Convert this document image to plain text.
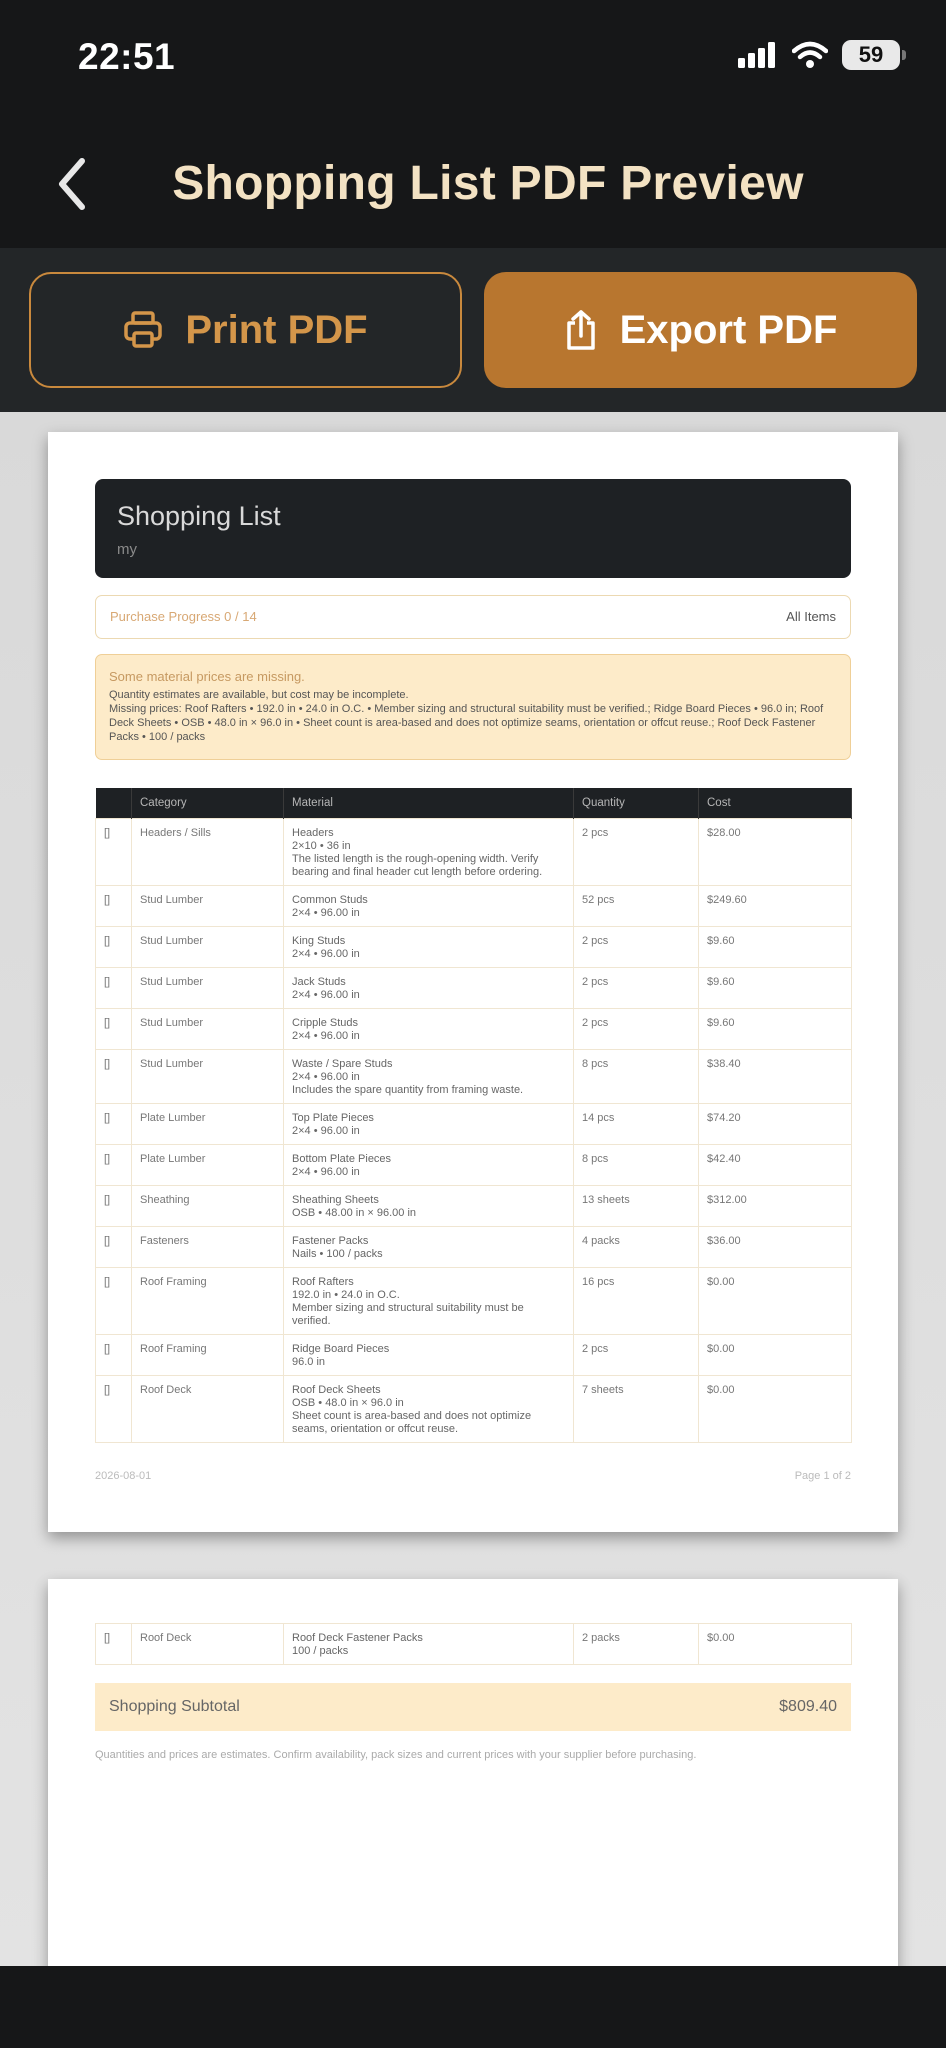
22:51	59
Shopping List PDF Preview
Print PDF	Export PDF
Shopping List
my
Purchase Progress 0 / 14	All Items
Some material prices are missing.
Quantity estimates are available, but cost may be incomplete.
Missing prices: Roof Rafters • 192.0 in • 24.0 in O.C. • Member sizing and structural suitability must be verified.; Ridge Board Pieces • 96.0 in; Roof Deck Sheets • OSB • 48.0 in × 96.0 in • Sheet count is area-based and does not optimize seams, orientation or offcut reuse.; Roof Deck Fastener Packs • 100 / packs
	Category	Material	Quantity	Cost
[]	Headers / Sills	Headers
2×10 • 36 in
The listed length is the rough-opening width. Verify bearing and final header cut length before ordering.	2 pcs	$28.00
[]	Stud Lumber	Common Studs
2×4 • 96.00 in	52 pcs	$249.60
[]	Stud Lumber	King Studs
2×4 • 96.00 in	2 pcs	$9.60
[]	Stud Lumber	Jack Studs
2×4 • 96.00 in	2 pcs	$9.60
[]	Stud Lumber	Cripple Studs
2×4 • 96.00 in	2 pcs	$9.60
[]	Stud Lumber	Waste / Spare Studs
2×4 • 96.00 in
Includes the spare quantity from framing waste.	8 pcs	$38.40
[]	Plate Lumber	Top Plate Pieces
2×4 • 96.00 in	14 pcs	$74.20
[]	Plate Lumber	Bottom Plate Pieces
2×4 • 96.00 in	8 pcs	$42.40
[]	Sheathing	Sheathing Sheets
OSB • 48.00 in × 96.00 in	13 sheets	$312.00
[]	Fasteners	Fastener Packs
Nails • 100 / packs	4 packs	$36.00
[]	Roof Framing	Roof Rafters
192.0 in • 24.0 in O.C.
Member sizing and structural suitability must be verified.	16 pcs	$0.00
[]	Roof Framing	Ridge Board Pieces
96.0 in	2 pcs	$0.00
[]	Roof Deck	Roof Deck Sheets
OSB • 48.0 in × 96.0 in
Sheet count is area-based and does not optimize seams, orientation or offcut reuse.	7 sheets	$0.00
2026-08-01	Page 1 of 2
[]	Roof Deck	Roof Deck Fastener Packs
100 / packs
	2 packs	$0.00
Shopping Subtotal	$809.40
Quantities and prices are estimates. Confirm availability, pack sizes and current prices with your supplier before purchasing.
